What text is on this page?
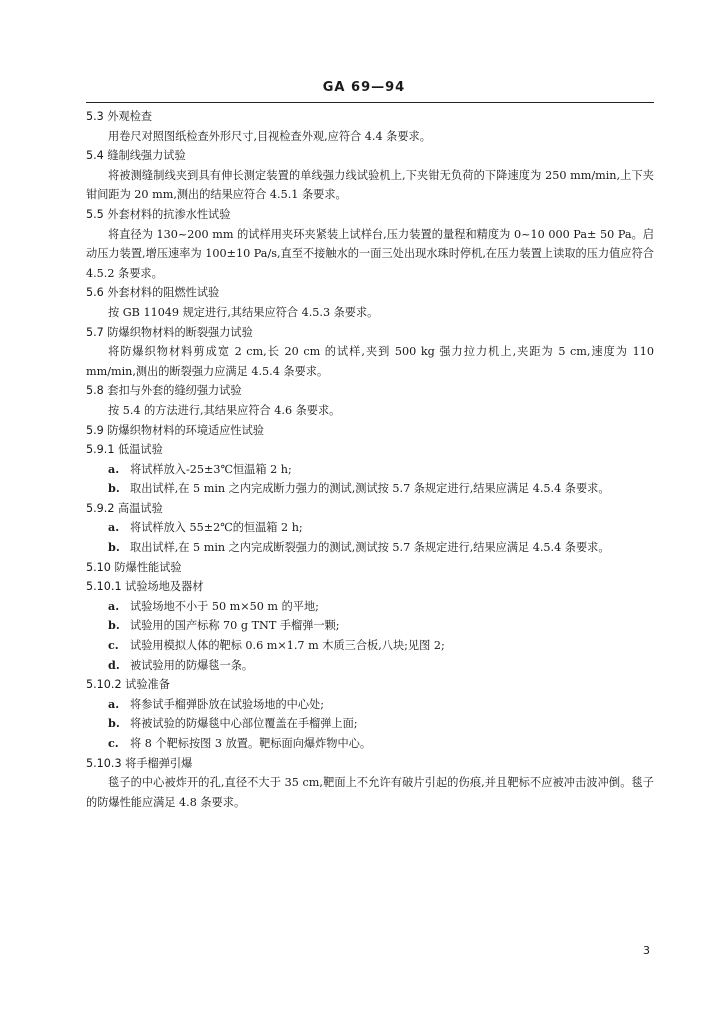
GA 69—94
5.3 外观检查
用卷尺对照图纸检查外形尺寸,目视检查外观,应符合 4.4 条要求。
5.4 缝制线强力试验
将被测缝制线夹到具有伸长测定装置的单线强力线试验机上,下夹钳无负荷的下降速度为 250 mm/min,上下夹钳间距为 20 mm,测出的结果应符合 4.5.1 条要求。
5.5 外套材料的抗渗水性试验
将直径为 130~200 mm 的试样用夹环夹紧装上试样台,压力装置的量程和精度为 0~10 000 Pa± 50 Pa。启动压力装置,增压速率为 100±10 Pa/s,直至不接触水的一面三处出现水珠时停机,在压力装置上读取的压力值应符合 4.5.2 条要求。
5.6 外套材料的阻燃性试验
按 GB 11049 规定进行,其结果应符合 4.5.3 条要求。
5.7 防爆织物材料的断裂强力试验
将防爆织物材料剪成宽 2 cm,长 20 cm 的试样,夹到 500 kg 强力拉力机上,夹距为 5 cm,速度为 110 mm/min,测出的断裂强力应满足 4.5.4 条要求。
5.8 套扣与外套的缝纫强力试验
按 5.4 的方法进行,其结果应符合 4.6 条要求。
5.9 防爆织物材料的环境适应性试验
5.9.1 低温试验
a. 将试样放入-25±3℃恒温箱 2 h;
b. 取出试样,在 5 min 之内完成断力强力的测试,测试按 5.7 条规定进行,结果应满足 4.5.4 条要求。
5.9.2 高温试验
a. 将试样放入 55±2℃的恒温箱 2 h;
b. 取出试样,在 5 min 之内完成断裂强力的测试,测试按 5.7 条规定进行,结果应满足 4.5.4 条要求。
5.10 防爆性能试验
5.10.1 试验场地及器材
a. 试验场地不小于 50 m×50 m 的平地;
b. 试验用的国产标称 70 g TNT 手榴弹一颗;
c. 试验用模拟人体的靶标 0.6 m×1.7 m 木质三合板,八块;见图 2;
d. 被试验用的防爆毯一条。
5.10.2 试验准备
a. 将参试手榴弹卧放在试验场地的中心处;
b. 将被试验的防爆毯中心部位覆盖在手榴弹上面;
c. 将 8 个靶标按图 3 放置。靶标面向爆炸物中心。
5.10.3 将手榴弹引爆
毯子的中心被炸开的孔,直径不大于 35 cm,靶面上不允许有破片引起的伤痕,并且靶标不应被冲击波冲倒。毯子的防爆性能应满足 4.8 条要求。
3
